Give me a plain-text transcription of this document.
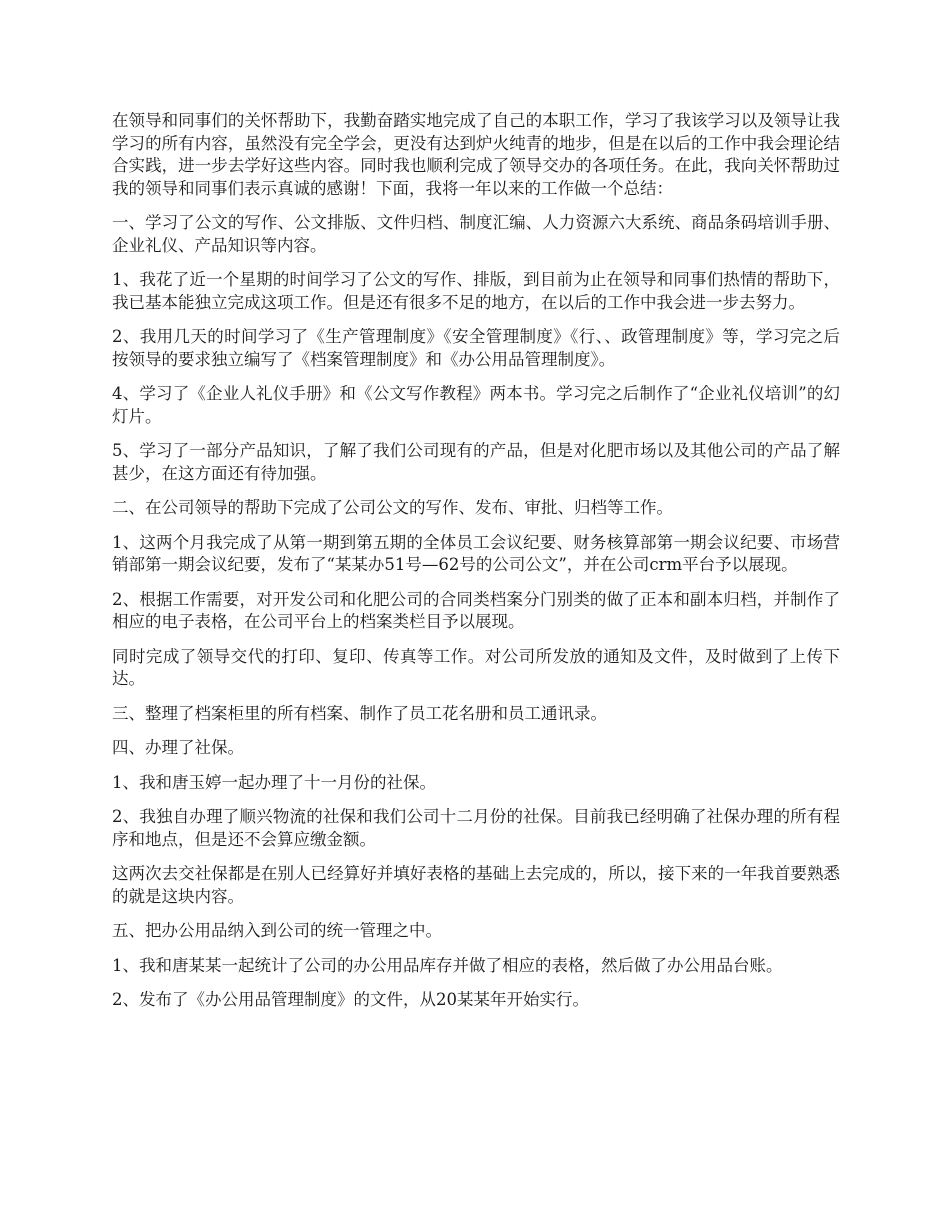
在领导和同事们的关怀帮助下，我勤奋踏实地完成了自己的本职工作，学习了我该学习以及领导让我学习的所有内容，虽然没有完全学会，更没有达到炉火纯青的地步，但是在以后的工作中我会理论结合实践，进一步去学好这些内容。同时我也顺利完成了领导交办的各项任务。在此，我向关怀帮助过我的领导和同事们表示真诚的感谢！下面，我将一年以来的工作做一个总结：

一、学习了公文的写作、公文排版、文件归档、制度汇编、人力资源六大系统、商品条码培训手册、企业礼仪、产品知识等内容。

1、我花了近一个星期的时间学习了公文的写作、排版，到目前为止在领导和同事们热情的帮助下，我已基本能独立完成这项工作。但是还有很多不足的地方，在以后的工作中我会进一步去努力。

2、我用几天的时间学习了《生产管理制度》《安全管理制度》《行、、政管理制度》等，学习完之后按领导的要求独立编写了《档案管理制度》和《办公用品管理制度》。

4、学习了《企业人礼仪手册》和《公文写作教程》两本书。学习完之后制作了“企业礼仪培训”的幻灯片。

5、学习了一部分产品知识，了解了我们公司现有的产品，但是对化肥市场以及其他公司的产品了解甚少，在这方面还有待加强。

二、在公司领导的帮助下完成了公司公文的写作、发布、审批、归档等工作。

1、这两个月我完成了从第一期到第五期的全体员工会议纪要、财务核算部第一期会议纪要、市场营销部第一期会议纪要，发布了“某某办51号—62号的公司公文”，并在公司crm平台予以展现。

2、根据工作需要，对开发公司和化肥公司的合同类档案分门别类的做了正本和副本归档，并制作了相应的电子表格，在公司平台上的档案类栏目予以展现。

同时完成了领导交代的打印、复印、传真等工作。对公司所发放的通知及文件，及时做到了上传下达。

三、整理了档案柜里的所有档案、制作了员工花名册和员工通讯录。

四、办理了社保。

1、我和唐玉婷一起办理了十一月份的社保。

2、我独自办理了顺兴物流的社保和我们公司十二月份的社保。目前我已经明确了社保办理的所有程序和地点，但是还不会算应缴金额。

这两次去交社保都是在别人已经算好并填好表格的基础上去完成的，所以，接下来的一年我首要熟悉的就是这块内容。

五、把办公用品纳入到公司的统一管理之中。

1、我和唐某某一起统计了公司的办公用品库存并做了相应的表格，然后做了办公用品台账。

2、发布了《办公用品管理制度》的文件，从20某某年开始实行。
